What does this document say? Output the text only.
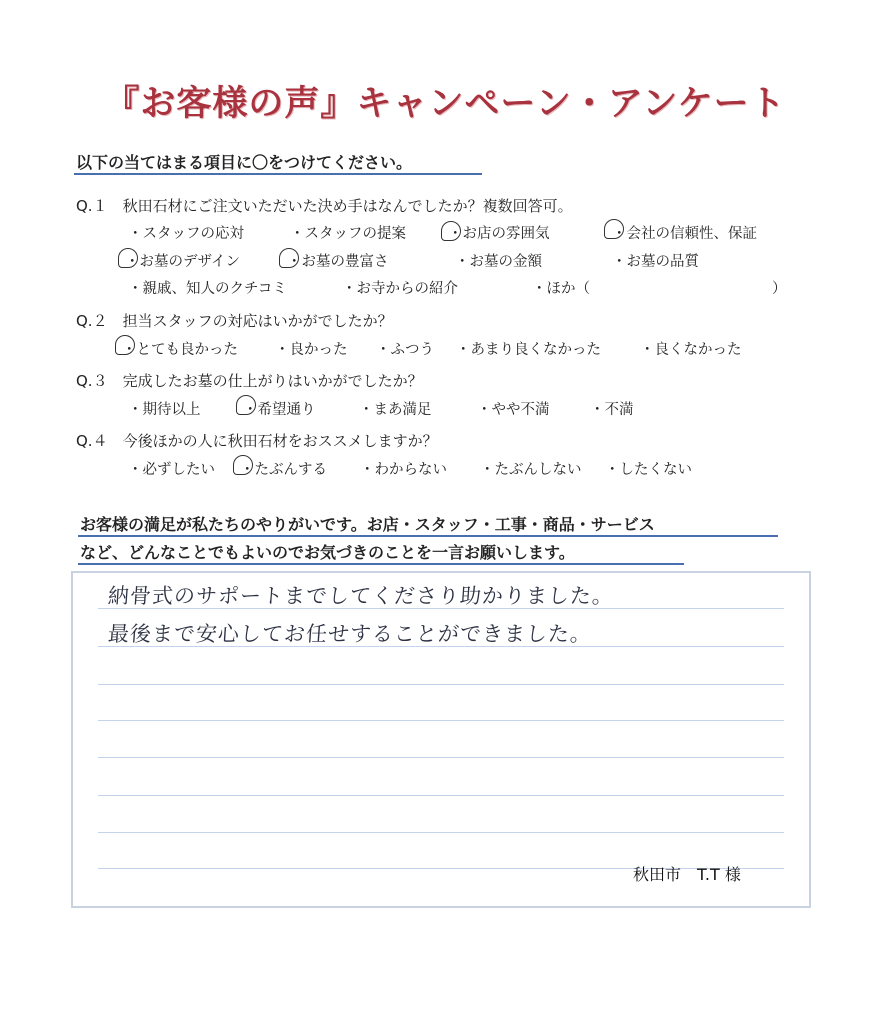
『お客様の声』キャンペーン・アンケート
以下の当てはまる項目に〇をつけてください。
Q.１　秋田石材にご注文いただいた決め手はなんでしたか？複数回答可。
・スタッフの応対	・スタッフの提案	・お店の雰囲気	・会社の信頼性、保証
・お墓のデザイン	・お墓の豊富さ	・お墓の金額	・お墓の品質
・親戚、知人のクチコミ	・お寺からの紹介	・ほか（	）
Q.２　担当スタッフの対応はいかがでしたか？
・とても良かった	・良かった ・ふつう ・あまり良くなかった	・良くなかった
Q.３　完成したお墓の仕上がりはいかがでしたか？
・期待以上	・希望通り	・まあ満足	・やや不満	・不満
Q.４　今後ほかの人に秋田石材をおススメしますか？
・必ずしたい ・たぶんする ・わからない ・たぶんしない ・したくない
お客様の満足が私たちのやりがいです。お店・スタッフ・工事・商品・サービス
など、どんなことでもよいのでお気づきのことを一言お願いします。
納骨式のサポートまでしてくださり助かりました。
最後まで安心してお任せすることができました。
秋田市　T.T 様
